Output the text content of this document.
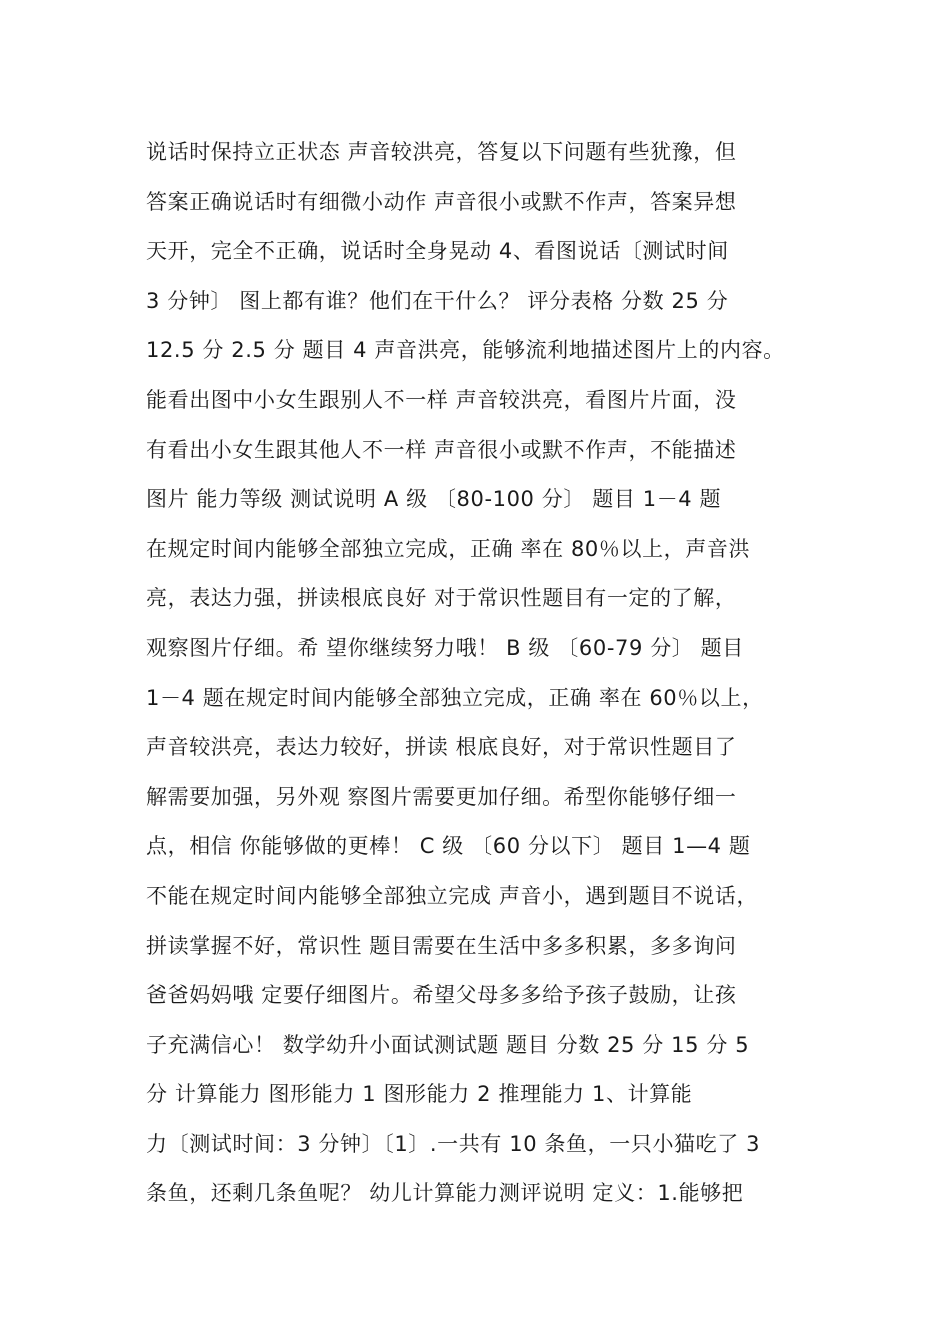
说话时保持立正状态 声音较洪亮，答复以下问题有些犹豫，但
答案正确说话时有细微小动作 声音很小或默不作声，答案异想
天开，完全不正确，说话时全身晃动 4、看图说话〔测试时间
3 分钟〕 图上都有谁？他们在干什么？ 评分表格 分数 25 分
12.5 分 2.5 分 题目 4 声音洪亮，能够流利地描述图片上的内容。
能看出图中小女生跟别人不一样 声音较洪亮，看图片片面，没
有看出小女生跟其他人不一样 声音很小或默不作声，不能描述
图片 能力等级 测试说明 A 级 〔80-100 分〕 题目 1－4 题
在规定时间内能够全部独立完成，正确 率在 80％以上，声音洪
亮，表达力强，拼读根底良好 对于常识性题目有一定的了解，
观察图片仔细。希 望你继续努力哦！ B 级 〔60-79 分〕 题目
1－4 题在规定时间内能够全部独立完成，正确 率在 60％以上，
声音较洪亮，表达力较好，拼读 根底良好，对于常识性题目了
解需要加强，另外观 察图片需要更加仔细。希型你能够仔细一
点，相信 你能够做的更棒！ C 级 〔60 分以下〕 题目 1—4 题
不能在规定时间内能够全部独立完成 声音小，遇到题目不说话，
拼读掌握不好，常识性 题目需要在生活中多多积累，多多询问
爸爸妈妈哦 定要仔细图片。希望父母多多给予孩子鼓励，让孩
子充满信心！ 数学幼升小面试测试题 题目 分数 25 分 15 分 5
分 计算能力 图形能力 1 图形能力 2 推理能力 1、计算能
力〔测试时间：3 分钟〕〔1〕.一共有 10 条鱼，一只小猫吃了 3
条鱼，还剩几条鱼呢？ 幼儿计算能力测评说明 定义：1.能够把
